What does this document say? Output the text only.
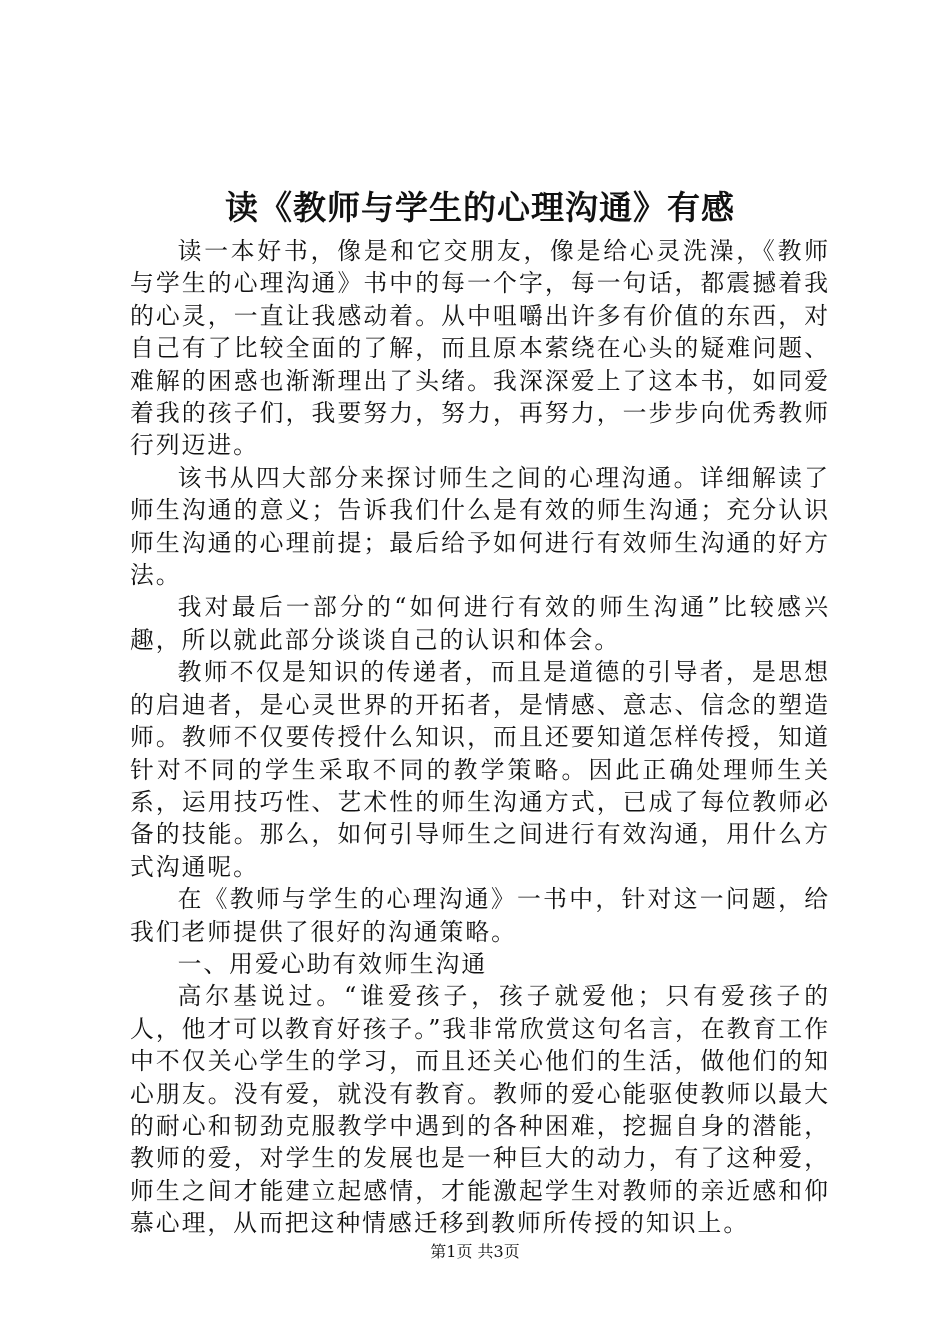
读《教师与学生的心理沟通》有感

读一本好书，像是和它交朋友，像是给心灵洗澡，《教师与学生的心理沟通》书中的每一个字，每一句话，都震撼着我的心灵，一直让我感动着。从中咀嚼出许多有价值的东西，对自己有了比较全面的了解，而且原本萦绕在心头的疑难问题、难解的困惑也渐渐理出了头绪。我深深爱上了这本书，如同爱着我的孩子们，我要努力，努力，再努力，一步步向优秀教师行列迈进。

该书从四大部分来探讨师生之间的心理沟通。详细解读了师生沟通的意义；告诉我们什么是有效的师生沟通；充分认识师生沟通的心理前提；最后给予如何进行有效师生沟通的好方法。

我对最后一部分的“如何进行有效的师生沟通”比较感兴趣，所以就此部分谈谈自己的认识和体会。

教师不仅是知识的传递者，而且是道德的引导者，是思想的启迪者，是心灵世界的开拓者，是情感、意志、信念的塑造师。教师不仅要传授什么知识，而且还要知道怎样传授，知道针对不同的学生采取不同的教学策略。因此正确处理师生关系，运用技巧性、艺术性的师生沟通方式，已成了每位教师必备的技能。那么，如何引导师生之间进行有效沟通，用什么方式沟通呢。

在《教师与学生的心理沟通》一书中，针对这一问题，给我们老师提供了很好的沟通策略。

一、用爱心助有效师生沟通

高尔基说过。“谁爱孩子，孩子就爱他；只有爱孩子的人，他才可以教育好孩子。”我非常欣赏这句名言，在教育工作中不仅关心学生的学习，而且还关心他们的生活，做他们的知心朋友。没有爱，就没有教育。教师的爱心能驱使教师以最大的耐心和韧劲克服教学中遇到的各种困难，挖掘自身的潜能，教师的爱，对学生的发展也是一种巨大的动力，有了这种爱，师生之间才能建立起感情，才能激起学生对教师的亲近感和仰慕心理，从而把这种情感迁移到教师所传授的知识上。

第1页 共3页
